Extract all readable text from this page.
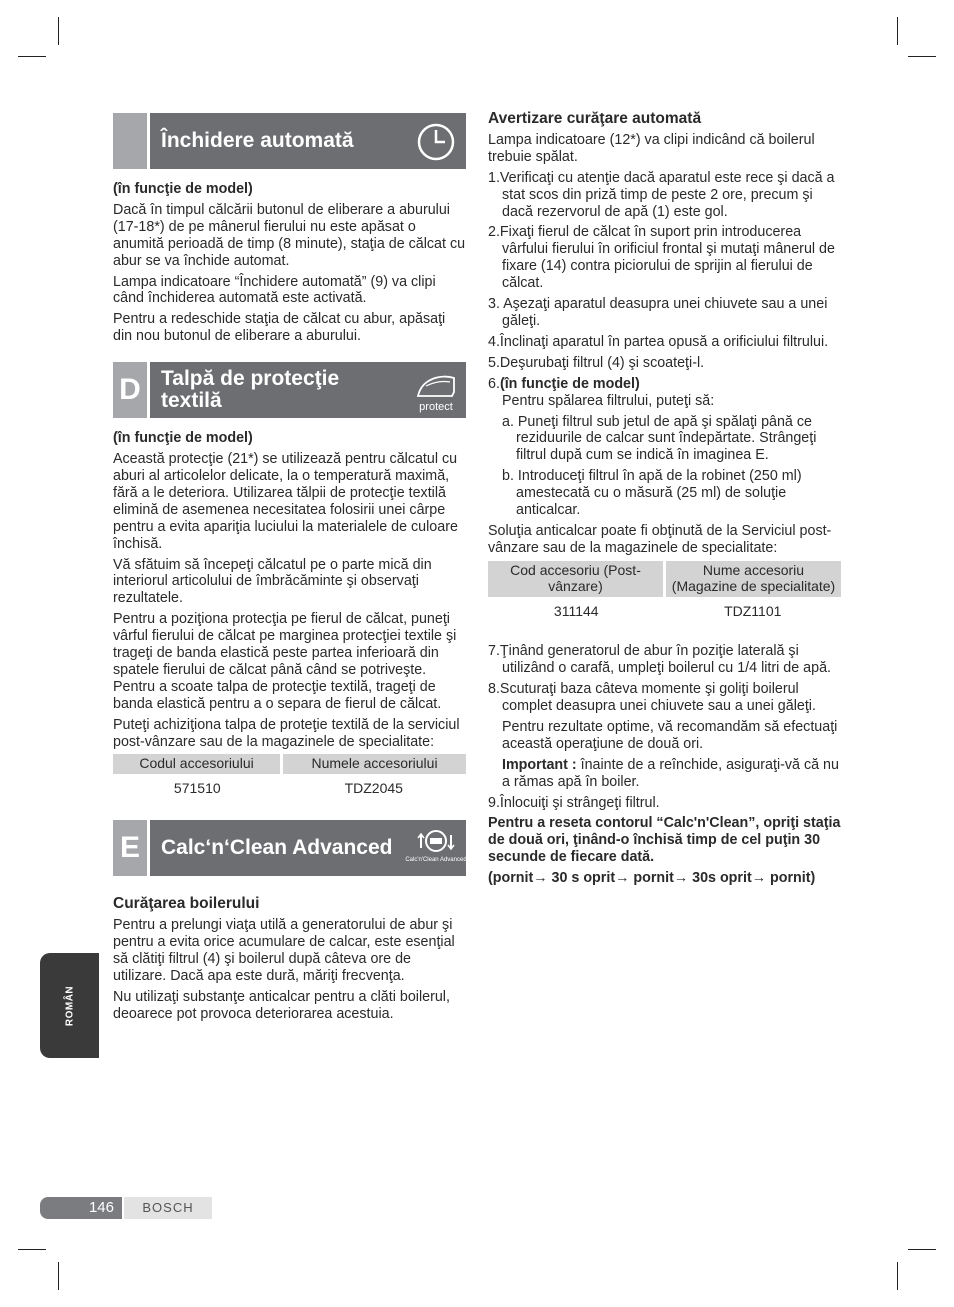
Închidere automată

(în funcţie de model)

Dacă în timpul călcării butonul de eliberare a aburului (17-18*) de pe mânerul fierului nu este apăsat o anumită perioadă de timp (8 minute), staţia de călcat cu abur se va închide automat.

Lampa indicatoare “Închidere automată” (9) va clipi când închiderea automată este activată.

Pentru a redeschide staţia de călcat cu abur, apăsaţi din nou butonul de eliberare a aburului.

D Talpă de protecţie
textilă	protect

(în funcţie de model)

Această protecţie (21*) se utilizează pentru călcatul cu aburi al articolelor delicate, la o temperatură maximă, fără a le deteriora. Utilizarea tălpii de protecţie textilă elimină de asemenea necesitatea folosirii unei cârpe pentru a evita apariţia luciului la materialele de culoare închisă.

Vă sfătuim să începeţi călcatul pe o parte mică din interiorul articolului de îmbrăcăminte şi observaţi rezultatele.

Pentru a poziţiona protecţia pe fierul de călcat, puneţi vârful fierului de călcat pe marginea protecţiei textile şi trageţi de banda elastică peste partea inferioară din spatele fierului de călcat până când se potriveşte. Pentru a scoate talpa de protecţie textilă, trageţi de banda elastică pentru a o separa de fierul de călcat.

Puteţi achiziţiona talpa de proteţie textilă de la serviciul post-vânzare sau de la magazinele de specialitate:

Codul accesoriului	Numele accesoriului
571510	TDZ2045
E	Calc‘n‘Clean Advanced
Calc'n'Clean Advanced

Curăţarea boilerului

Pentru a prelungi viaţa utilă a generatorului de abur şi pentru a evita orice acumulare de calcar, este esenţial să clătiţi filtrul (4) şi boilerul după câteva ore de utilizare. Dacă apa este dură, măriţi frecvenţa.

Nu utilizaţi substanţe anticalcar pentru a clăti boilerul, deoarece pot provoca deteriorarea acestuia.

Avertizare curăţare automată

Lampa indicatoare (12*) va clipi indicând că boilerul trebuie spălat.

1.Verificaţi cu atenţie dacă aparatul este rece şi dacă a stat scos din priză timp de peste 2 ore, precum şi dacă rezervorul de apă (1) este gol.

2.Fixaţi fierul de călcat în suport prin introducerea vârfului fierului în orificiul frontal şi mutaţi mânerul de fixare (14) contra piciorului de sprijin al fierului de călcat.

3. Aşezaţi aparatul deasupra unei chiuvete sau a unei găleţi.

4.Înclinaţi aparatul în partea opusă a orificiului filtrului.

5.Deşurubaţi filtrul (4) şi scoateţi-l.

6.(în funcţie de model)

Pentru spălarea filtrului, puteţi să:

a. Puneţi filtrul sub jetul de apă şi spălaţi până ce reziduurile de calcar sunt îndepărtate. Strângeţi filtrul după cum se indică în imaginea E.

b. Introduceţi filtrul în apă de la robinet (250 ml) amestecată cu o măsură (25 ml) de soluţie anticalcar.

Soluţia anticalcar poate fi obţinută de la Serviciul post-vânzare sau de la magazinele de specialitate:

Cod accesoriu (Post-vânzare)	Nume accesoriu (Magazine de specialitate)
311144	TDZ1101

7.Ţinând generatorul de abur în poziţie laterală şi utilizând o carafă, umpleţi boilerul cu 1/4 litri de apă.

8.Scuturaţi baza câteva momente şi goliţi boilerul complet deasupra unei chiuvete sau a unei găleţi.

Pentru rezultate optime, vă recomandăm să efectuaţi această operaţiune de două ori.

Important : înainte de a reînchide, asiguraţi-vă că nu a rămas apă în boiler.

9.Înlocuiţi şi strângeţi filtrul.

Pentru a reseta contorul “Calc'n'Clean”, opriţi staţia de două ori, ţinând-o închisă timp de cel puţin 30 secunde de fiecare dată.

(pornit→ 30 s oprit→ pornit→ 30s oprit→ pornit)

ROMÂN
146	BOSCH
